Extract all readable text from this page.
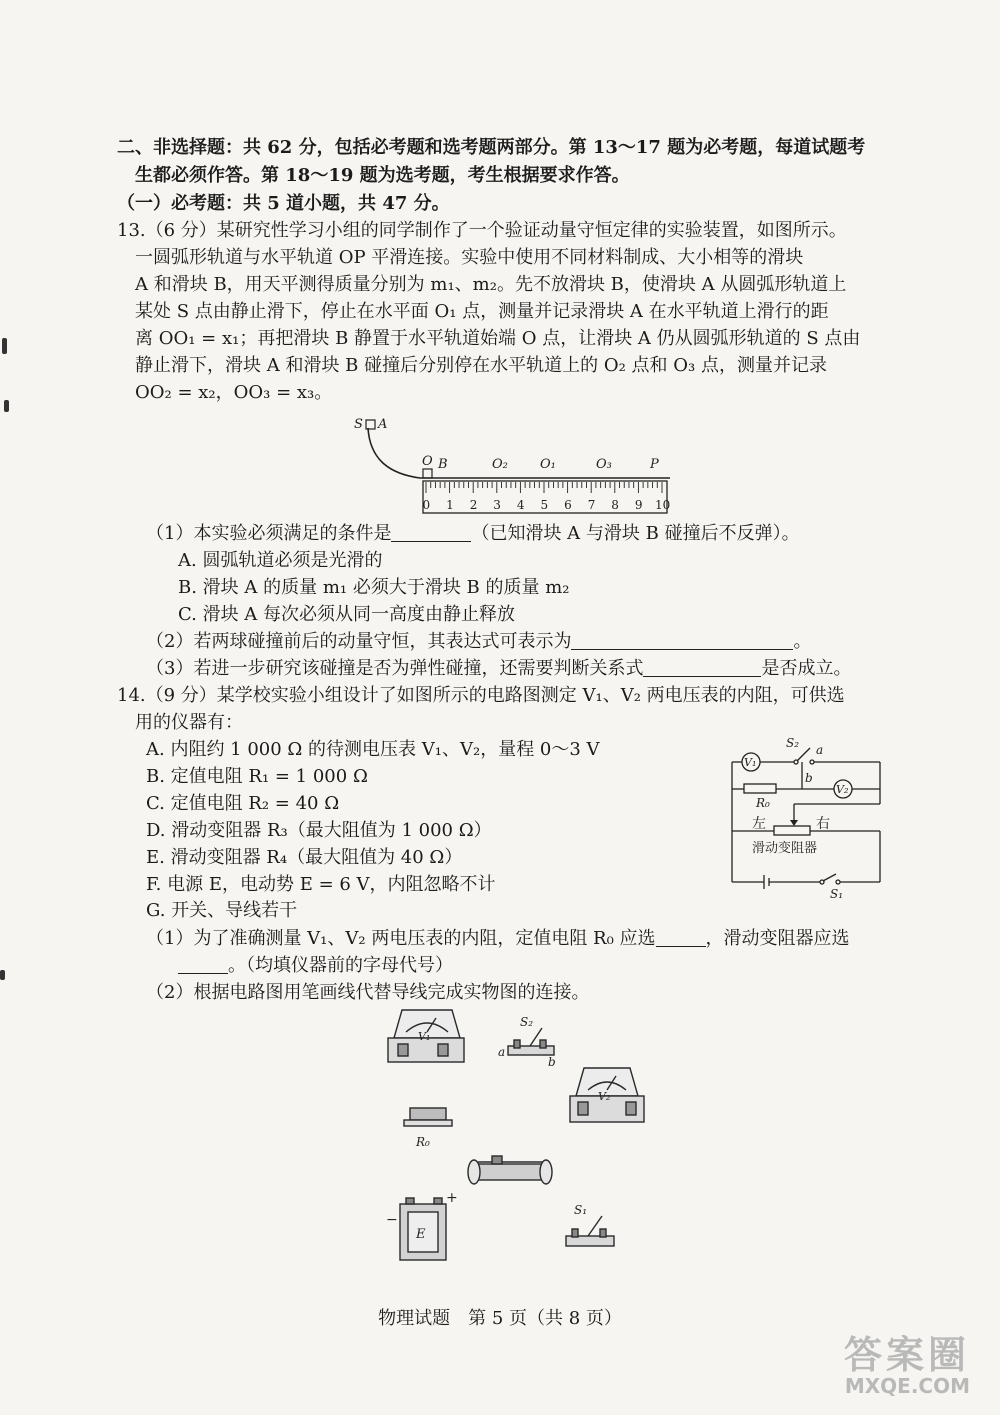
二、非选择题：共 62 分，包括必考题和选考题两部分。第 13～17 题为必考题，每道试题考
生都必须作答。第 18～19 题为选考题，考生根据要求作答。
（一）必考题：共 5 道小题，共 47 分。
13.（6 分）某研究性学习小组的同学制作了一个验证动量守恒定律的实验装置，如图所示。
一圆弧形轨道与水平轨道 OP 平滑连接。实验中使用不同材料制成、大小相等的滑块
A 和滑块 B，用天平测得质量分别为 m₁、m₂。先不放滑块 B，使滑块 A 从圆弧形轨道上
某处 S 点由静止滑下，停止在水平面 O₁ 点，测量并记录滑块 A 在水平轨道上滑行的距
离 OO₁ = x₁；再把滑块 B 静置于水平轨道始端 O 点，让滑块 A 仍从圆弧形轨道的 S 点由
静止滑下，滑块 A 和滑块 B 碰撞后分别停在水平轨道上的 O₂ 点和 O₃ 点，测量并记录
OO₂ = x₂，OO₃ = x₃。
S A
O B	O₂ O₁	O₃	P
0 1 2 3 4 5 6 7 8 9 10
（1）本实验必须满足的条件是	（已知滑块 A 与滑块 B 碰撞后不反弹）。
A. 圆弧轨道必须是光滑的
B. 滑块 A 的质量 m₁ 必须大于滑块 B 的质量 m₂
C. 滑块 A 每次必须从同一高度由静止释放
（2）若两球碰撞前后的动量守恒，其表达式可表示为	。
（3）若进一步研究该碰撞是否为弹性碰撞，还需要判断关系式	是否成立。
14.（9 分）某学校实验小组设计了如图所示的电路图测定 V₁、V₂ 两电压表的内阻，可供选
用的仪器有：
A. 内阻约 1 000 Ω 的待测电压表 V₁、V₂，量程 0～3 V
B. 定值电阻 R₁ = 1 000 Ω
C. 定值电阻 R₂ = 40 Ω
D. 滑动变阻器 R₃（最大阻值为 1 000 Ω）
E. 滑动变阻器 R₄（最大阻值为 40 Ω）
F. 电源 E，电动势 E = 6 V，内阻忽略不计
G. 开关、导线若干
V₁
V₂
S₂ a
b
R₀
左	右
滑动变阻器
S₁
（1）为了准确测量 V₁、V₂ 两电压表的内阻，定值电阻 R₀ 应选	，滑动变阻器应选
。（均填仪器前的字母代号）
（2）根据电路图用笔画线代替导线完成实物图的连接。
V₁
S₂
a
b
V₂
R₀
S₁
E
−
+
物理试题　第 5 页（共 8 页）
答案圈
MXQE.COM
